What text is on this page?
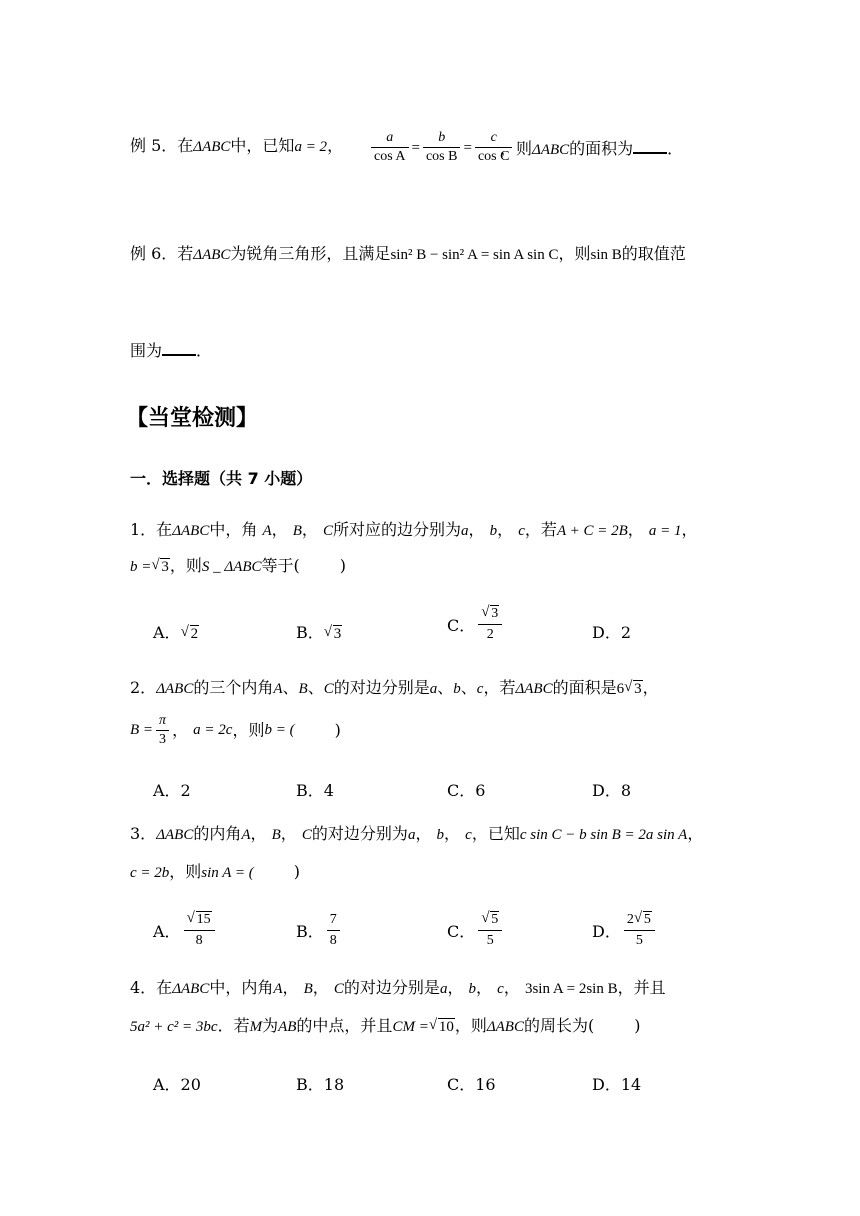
例 5．在ΔABC中，已知a = 2， $\frac{a}{\text{cos A}} = \frac{b}{\text{cos B}} = \frac{c}{\text{cos C}}$
，则ΔABC的面积为 ．
例 6．若ΔABC为锐角三角形，且满足sin² B − sin² A = sin A sin C，则sin B的取值范
围为 ．
【当堂检测】
一．选择题（共 7 小题）
1．在ΔABC中，角 A， B， C所对应的边分别为a， b， c，若A + C = 2B， a = 1，
b = √ 3，则S _ ΔABC等于(	)
A． √ 2	B． √ 3	C． $\frac{√ 3}{2}$	D．2
2．ΔABC的三个内角A、B、C的对边分别是a、b、c，若ΔABC的面积是6 √ 3，
$B = \frac{\pi}{3}$ ， a = 2c，则b = (	)
A．2	B．4	C．6	D．8
3．ΔABC的内角A， B， C的对边分别为a， b， c，已知c sin C − b sin B = 2a sin A，
c = 2b，则sin A = (	)
A． $\frac{√ 15}{8}$	B． $\frac{7}{8}$	C． $\frac{√ 5}{5}$	D． $\frac{2 √ 5}{5}$
4．在ΔABC中，内角A， B， C的对边分别是a， b， c， 3sin A = 2sin B，并且
5a² + c² = 3bc．若M为AB的中点，并且CM = √ 10，则ΔABC的周长为(	)
A．20	B．18	C．16	D．14
